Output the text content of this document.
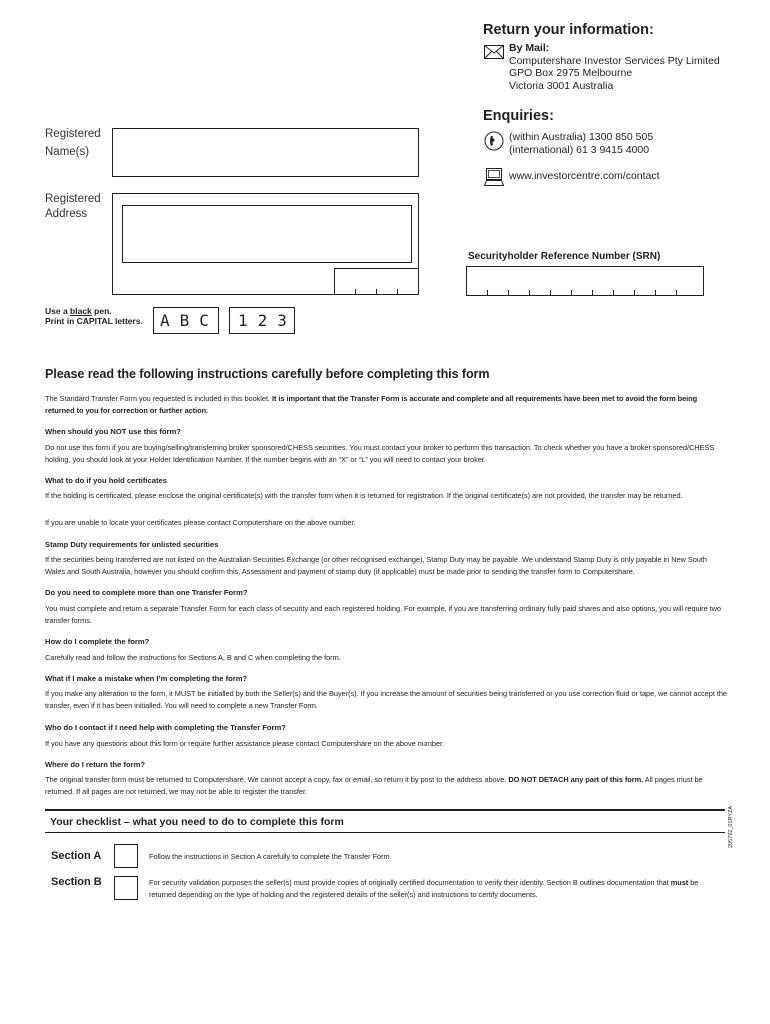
Return your information:
By Mail:
Computershare Investor Services Pty Limited
GPO Box 2975 Melbourne
Victoria 3001 Australia
Enquiries:
(within Australia) 1300 850 505
(international) 61 3 9415 4000
www.investorcentre.com/contact
Registered
Name(s)
Registered
Address
Securityholder Reference Number (SRN)
Use a black pen.
Print in CAPITAL letters.	ABC	123
Please read the following instructions carefully before completing this form
The Standard Transfer Form you requested is included in this booklet. It is important that the Transfer Form is accurate and complete and all requirements have been met to avoid the form being returned to you for correction or further action.
When should you NOT use this form?
Do not use this form if you are buying/selling/transferring broker sponsored/CHESS securities. You must contact your broker to perform this transaction. To check whether you have a broker sponsored/CHESS holding, you should look at your Holder Identification Number. If the number begins with an “X” or “L” you will need to contact your broker.
What to do if you hold certificates
If the holding is certificated, please enclose the original certificate(s) with the transfer form when it is returned for registration. If the original certificate(s) are not provided, the transfer may be returned.
If you are unable to locate your certificates please contact Computershare on the above number.
Stamp Duty requirements for unlisted securities
If the securities being transferred are not listed on the Australian Securities Exchange (or other recognised exchange), Stamp Duty may be payable. We understand Stamp Duty is only payable in New South Wales and South Australia, however you should confirm this. Assessment and payment of stamp duty (if applicable) must be made prior to sending the transfer form to Computershare.
Do you need to complete more than one Transfer Form?
You must complete and return a separate Transfer Form for each class of security and each registered holding. For example, if you are transferring ordinary fully paid shares and also options, you will require two transfer forms.
How do I complete the form?
Carefully read and follow the instructions for Sections A, B and C when completing the form.
What if I make a mistake when I’m completing the form?
If you make any alteration to the form, it MUST be initialled by both the Seller(s) and the Buyer(s). If you increase the amount of securities being transferred or you use correction fluid or tape, we cannot accept the transfer, even if it has been initialled. You will need to complete a new Transfer Form.
Who do I contact if I need help with completing the Transfer Form?
If you have any questions about this form or require further assistance please contact Computershare on the above number.
Where do I return the form?
The original transfer form must be returned to Computershare. We cannot accept a copy, fax or email, so return it by post to the address above. DO NOT DETACH any part of this form. All pages must be returned. If all pages are not returned, we may not be able to register the transfer.
205792_01RYZA
Your checklist – what you need to do to complete this form
Section A	Follow the instructions in Section A carefully to complete the Transfer Form.
Section B	For security validation purposes the seller(s) must provide copies of originally certified documentation to verify their identity. Section B outlines documentation that must be returned depending on the type of holding and the registered details of the seller(s) and instructions to certify documents.
